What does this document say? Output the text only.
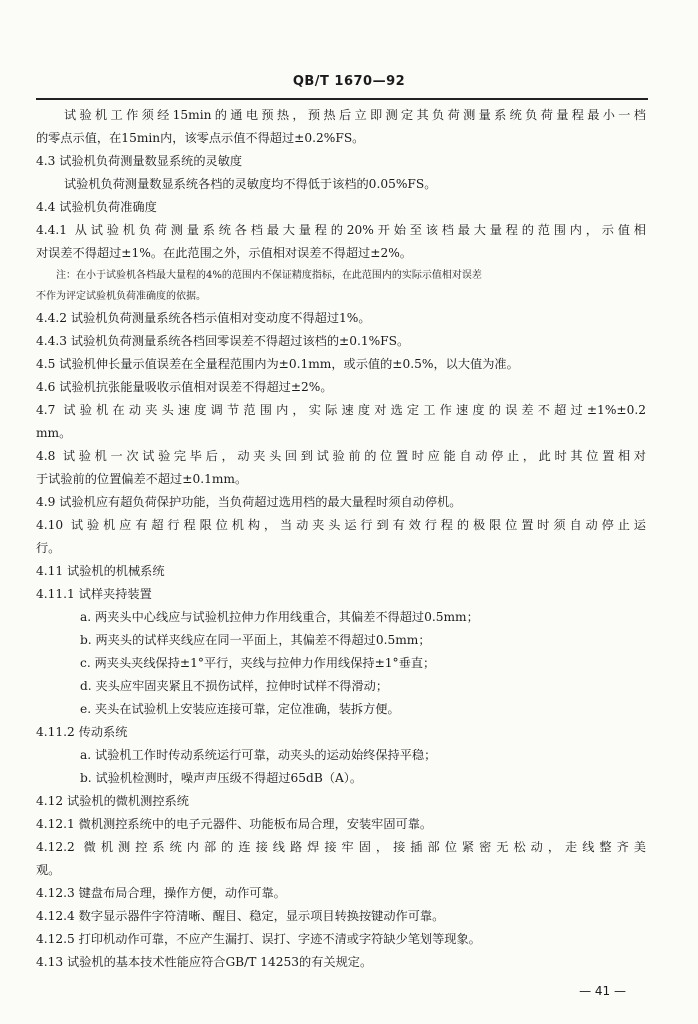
QB/T 1670—92

试验机工作须经15min的通电预热，预热后立即测定其负荷测量系统负荷量程最小一档

的零点示值，在15min内，该零点示值不得超过±0.2%FS。

4.3 试验机负荷测量数显系统的灵敏度

试验机负荷测量数显系统各档的灵敏度均不得低于该档的0.05%FS。

4.4 试验机负荷准确度

4.4.1 从试验机负荷测量系统各档最大量程的20%开始至该档最大量程的范围内，示值相

对误差不得超过±1%。在此范围之外，示值相对误差不得超过±2%。

注：在小于试验机各档最大量程的4%的范围内不保证精度指标，在此范围内的实际示值相对误差

不作为评定试验机负荷准确度的依据。

4.4.2 试验机负荷测量系统各档示值相对变动度不得超过1%。

4.4.3 试验机负荷测量系统各档回零误差不得超过该档的±0.1%FS。

4.5 试验机伸长量示值误差在全量程范围内为±0.1mm，或示值的±0.5%，以大值为准。

4.6 试验机抗张能量吸收示值相对误差不得超过±2%。

4.7 试验机在动夹头速度调节范围内，实际速度对选定工作速度的误差不超过±1%±0.2

mm。

4.8 试验机一次试验完毕后，动夹头回到试验前的位置时应能自动停止，此时其位置相对

于试验前的位置偏差不超过±0.1mm。

4.9 试验机应有超负荷保护功能，当负荷超过选用档的最大量程时须自动停机。

4.10 试验机应有超行程限位机构，当动夹头运行到有效行程的极限位置时须自动停止运

行。

4.11 试验机的机械系统

4.11.1 试样夹持装置

a. 两夹头中心线应与试验机拉伸力作用线重合，其偏差不得超过0.5mm；

b. 两夹头的试样夹线应在同一平面上，其偏差不得超过0.5mm；

c. 两夹头夹线保持±1°平行，夹线与拉伸力作用线保持±1°垂直；

d. 夹头应牢固夹紧且不损伤试样，拉伸时试样不得滑动；

e. 夹头在试验机上安装应连接可靠，定位准确，装拆方便。

4.11.2 传动系统

a. 试验机工作时传动系统运行可靠，动夹头的运动始终保持平稳；

b. 试验机检测时，噪声声压级不得超过65dB（A）。

4.12 试验机的微机测控系统

4.12.1 微机测控系统中的电子元器件、功能板布局合理，安装牢固可靠。

4.12.2 微机测控系统内部的连接线路焊接牢固，接插部位紧密无松动，走线整齐美

观。

4.12.3 键盘布局合理，操作方便，动作可靠。

4.12.4 数字显示器件字符清晰、醒目、稳定，显示项目转换按键动作可靠。

4.12.5 打印机动作可靠，不应产生漏打、误打、字迹不清或字符缺少笔划等现象。

4.13 试验机的基本技术性能应符合GB/T 14253的有关规定。

— 41 —
